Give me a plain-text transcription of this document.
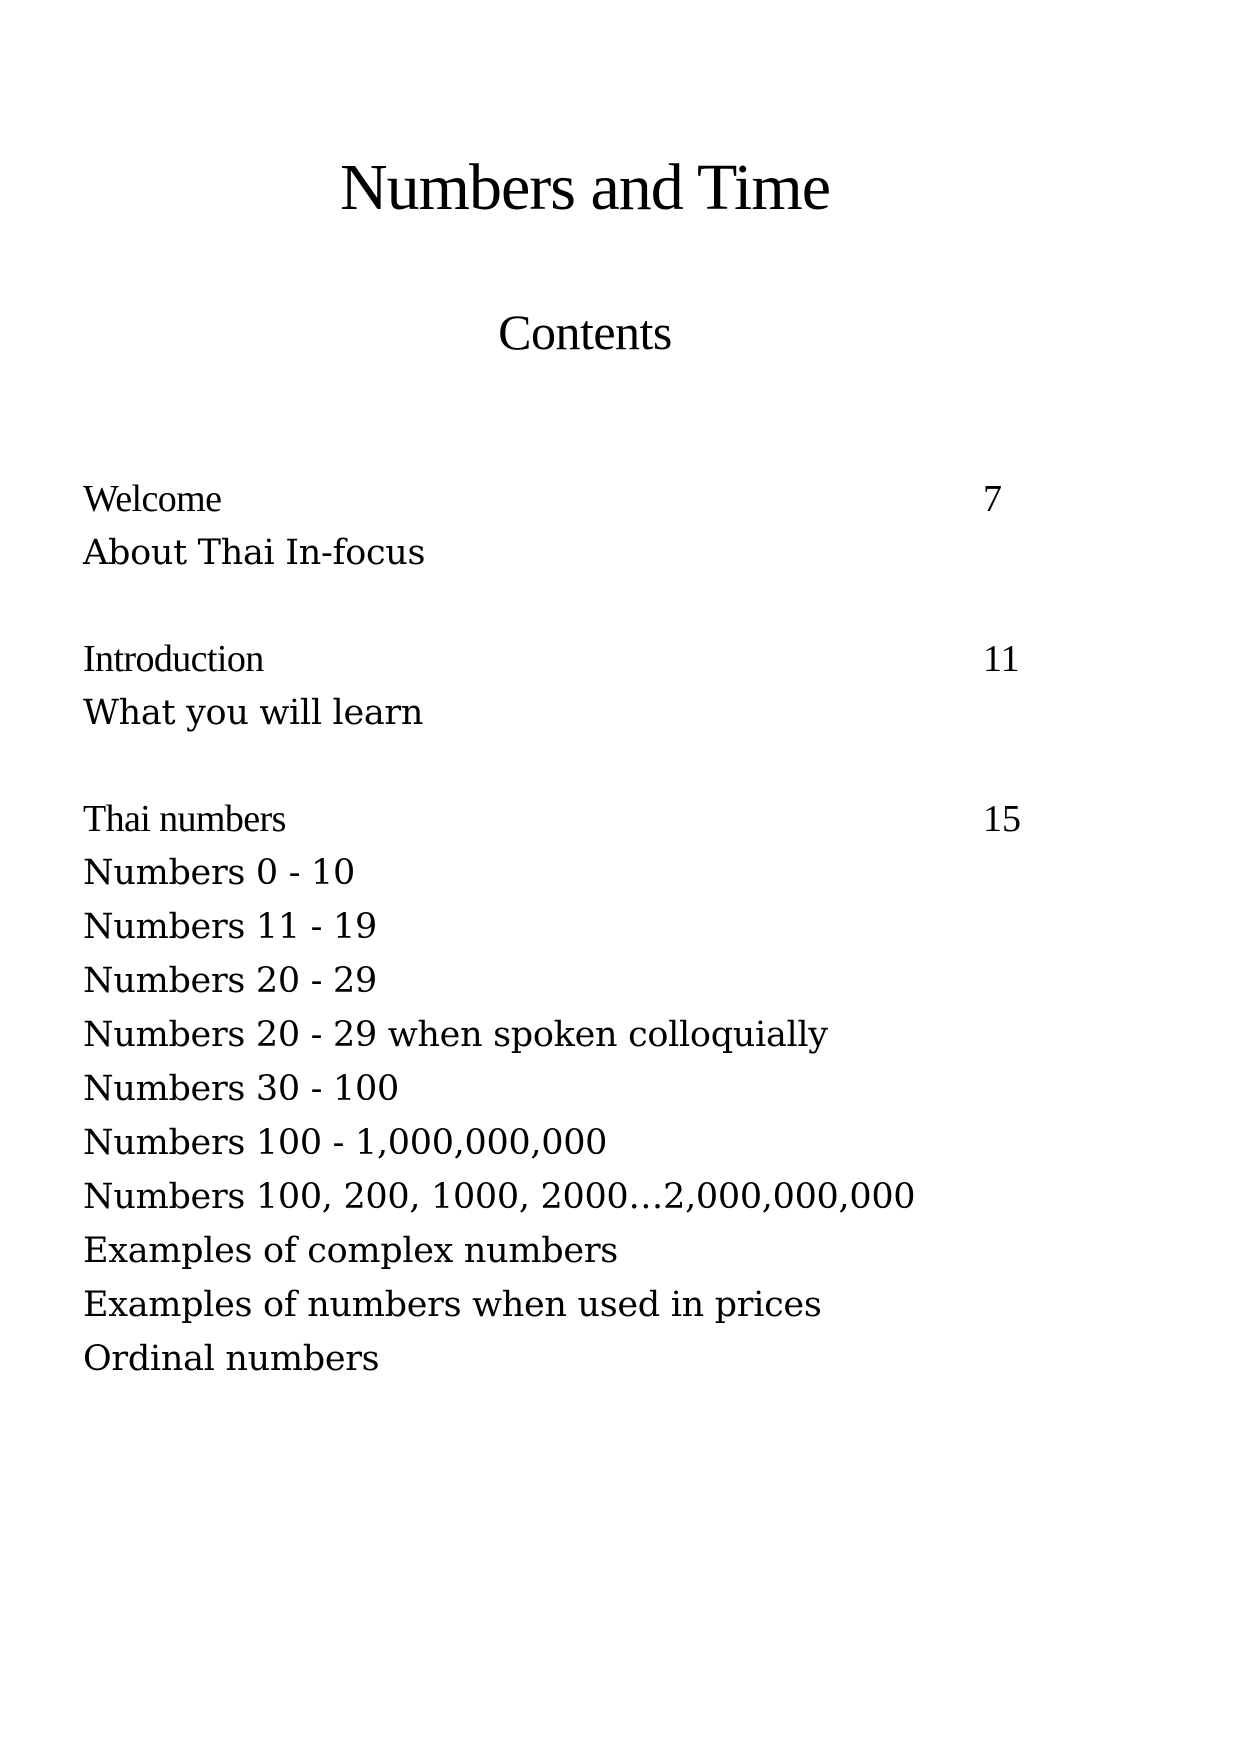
Numbers and Time
Contents
Welcome	7
About Thai In-focus
Introduction	11
What you will learn
Thai numbers	15
Numbers 0 - 10
Numbers 11 - 19
Numbers 20 - 29
Numbers 20 - 29 when spoken colloquially
Numbers 30 - 100
Numbers 100 - 1,000,000,000
Numbers 100, 200, 1000, 2000…2,000,000,000
Examples of complex numbers
Examples of numbers when used in prices
Ordinal numbers
